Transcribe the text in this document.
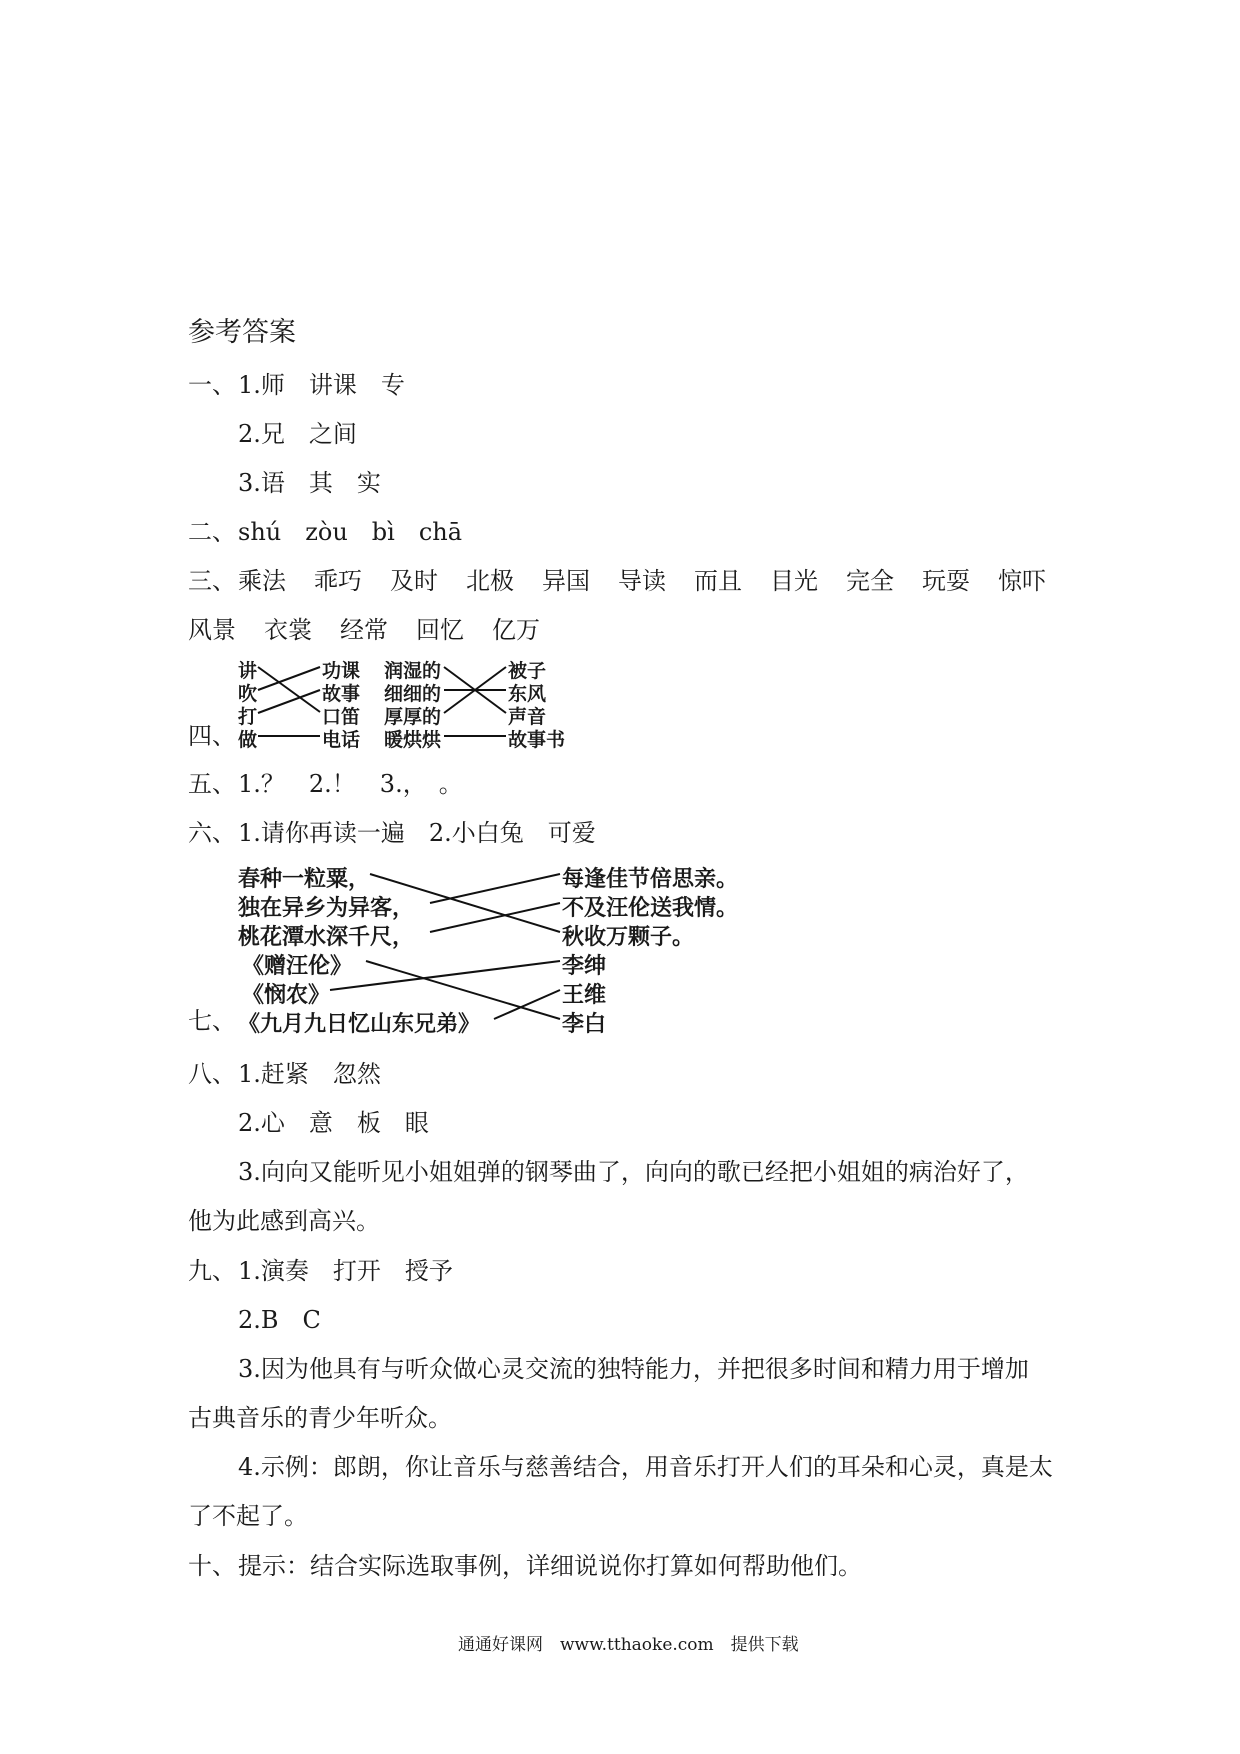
参考答案
一、 1.师　讲课　专
2.兄　之间
3.语　其　实
二、 shú　zòu　bì　chā
三、 乘法 乖巧 及时 北极 异国 导读 而且 目光 完全 玩耍 惊吓
风景 衣裳 经常 回忆 亿万
四、
讲
吹
打
做
功课
故事
口笛
电话
润湿的
细细的
厚厚的
暖烘烘
被子
东风
声音
故事书
五、 1.？　2.！　3.，　。
六、 1.请你再读一遍　2.小白兔　可爱
春种一粒粟，
独在异乡为异客，
桃花潭水深千尺，
《赠汪伦》
《悯农》
七、 《九月九日忆山东兄弟》
每逢佳节倍思亲。
不及汪伦送我情。
秋收万颗子。
李绅
王维
李白
八、 1.赶紧　忽然
2.心　意　板　眼
3.向向又能听见小姐姐弹的钢琴曲了，向向的歌已经把小姐姐的病治好了，
他为此感到高兴。
九、 1.演奏　打开　授予
2.B　C
3.因为他具有与听众做心灵交流的独特能力，并把很多时间和精力用于增加
古典音乐的青少年听众。
4.示例：郎朗，你让音乐与慈善结合，用音乐打开人们的耳朵和心灵，真是太
了不起了。
十、 提示：结合实际选取事例，详细说说你打算如何帮助他们。
通通好课网　www.tthaoke.com　提供下载
